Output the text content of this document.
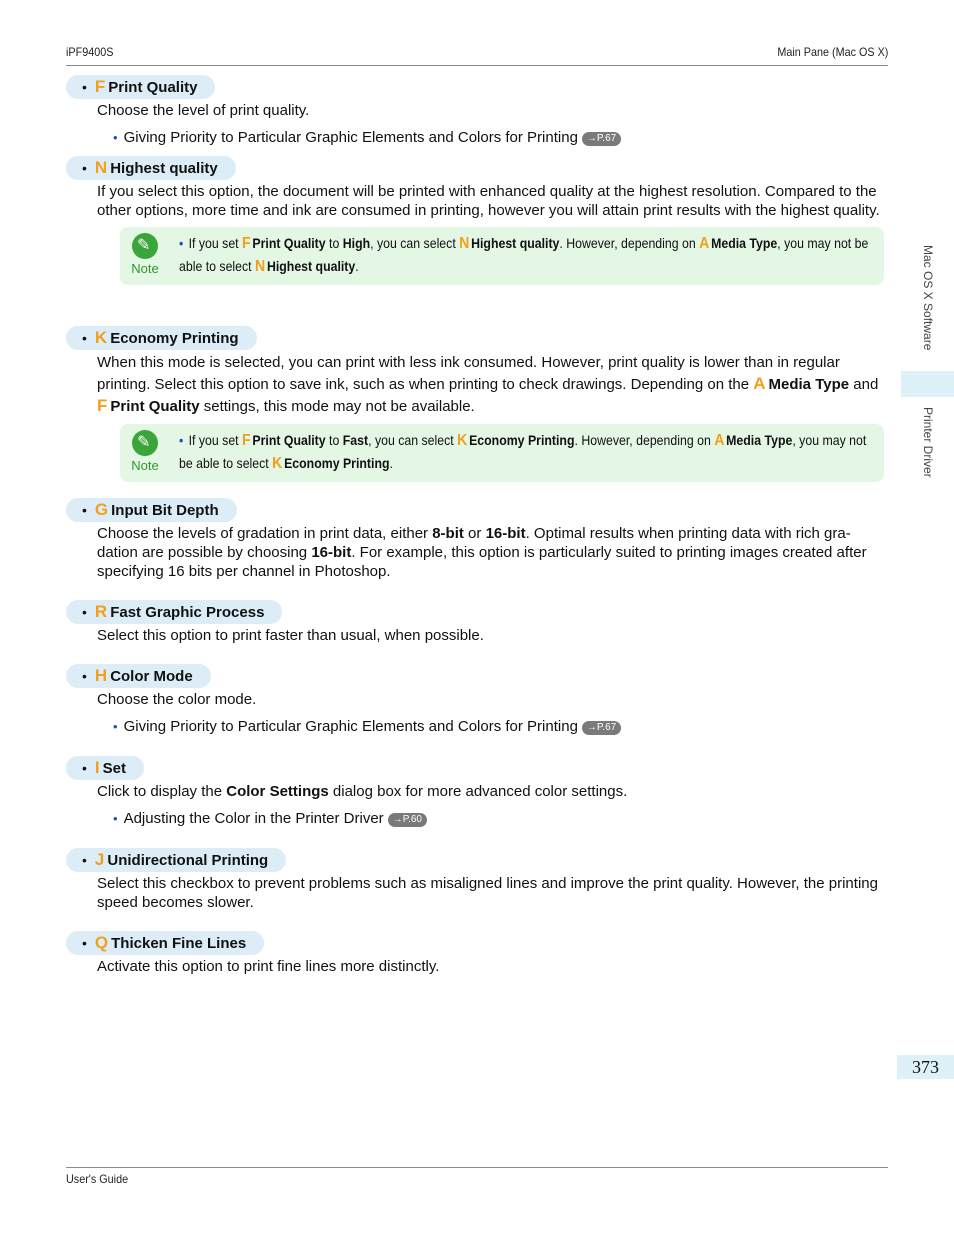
iPF9400S	Main Pane (Mac OS X)
Mac OS X Software
Printer Driver
373
User's Guide
• F Print Quality
Choose the level of print quality.
• Giving Priority to Particular Graphic Elements and Colors for Printing →P.67
• N Highest quality
If you select this option, the document will be printed with enhanced quality at the highest resolution. Compared to the other options, more time and ink are consumed in printing, however you will attain print results with the highest quality.
✎
Note
• If you set F Print Quality to High, you can select N Highest quality. However, depending on A Media Type, you may not be able to select N Highest quality.
• K Economy Printing
When this mode is selected, you can print with less ink consumed. However, print quality is lower than in regular printing. Select this option to save ink, such as when printing to check drawings. Depending on the A Media Type and F Print Quality settings, this mode may not be available.
✎
Note
• If you set F Print Quality to Fast, you can select K Economy Printing. However, depending on A Media Type, you may not be able to select K Economy Printing.
• G Input Bit Depth
Choose the levels of gradation in print data, either 8-bit or 16-bit. Optimal results when printing data with rich gra-dation are possible by choosing 16-bit. For example, this option is particularly suited to printing images created after specifying 16 bits per channel in Photoshop.
• R Fast Graphic Process
Select this option to print faster than usual, when possible.
• H Color Mode
Choose the color mode.
• Giving Priority to Particular Graphic Elements and Colors for Printing →P.67
• I Set
Click to display the Color Settings dialog box for more advanced color settings.
• Adjusting the Color in the Printer Driver →P.60
• J Unidirectional Printing
Select this checkbox to prevent problems such as misaligned lines and improve the print quality. However, the printing speed becomes slower.
• Q Thicken Fine Lines
Activate this option to print fine lines more distinctly.
